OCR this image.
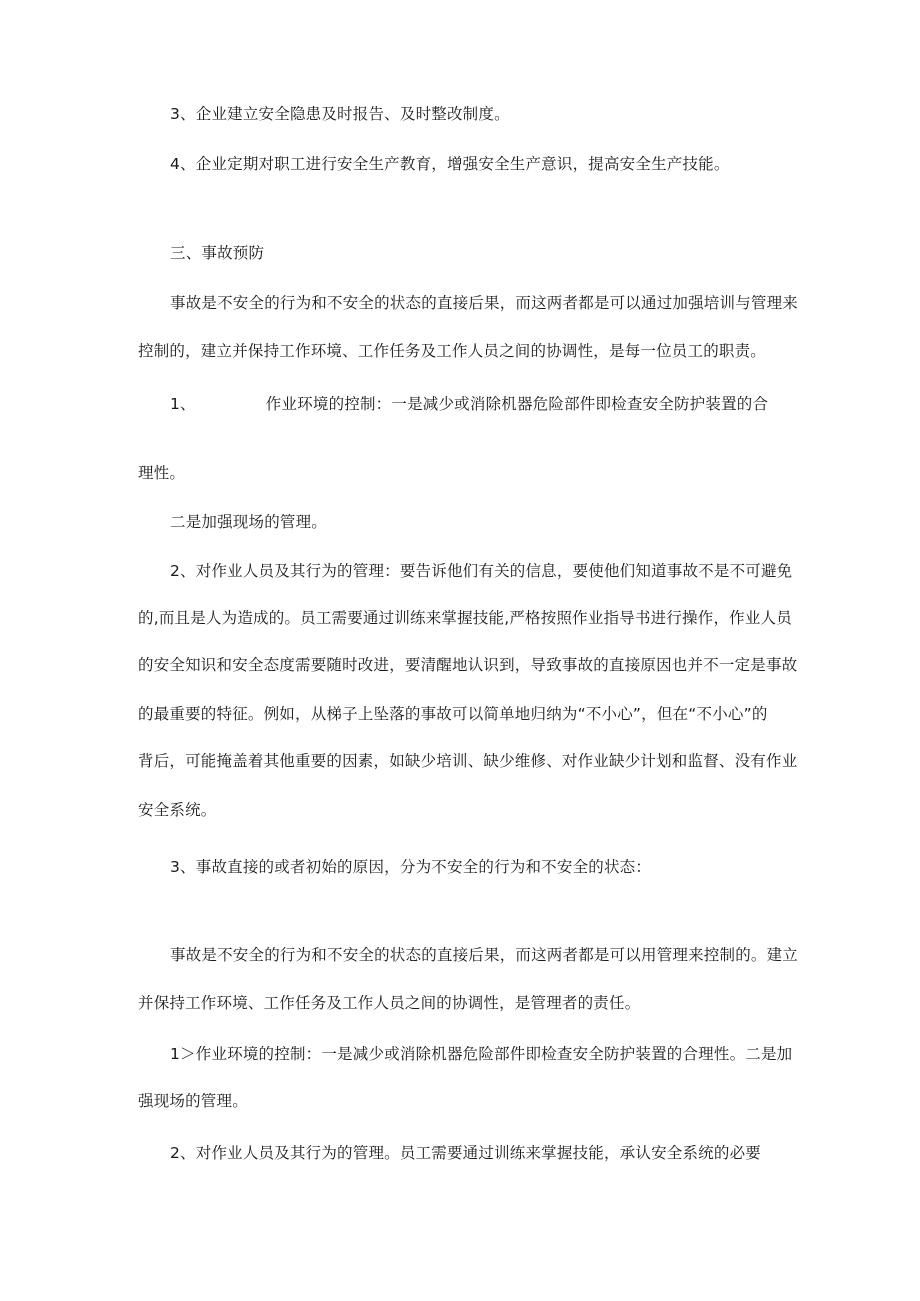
3、企业建立安全隐患及时报告、及时整改制度。
4、企业定期对职工进行安全生产教育，增强安全生产意识，提高安全生产技能。
三、事故预防
事故是不安全的行为和不安全的状态的直接后果，而这两者都是可以通过加强培训与管理来
控制的，建立并保持工作环境、工作任务及工作人员之间的协调性，是每一位员工的职责。
1、	作业环境的控制：一是减少或消除机器危险部件即检查安全防护装置的合
理性。
二是加强现场的管理。
2、对作业人员及其行为的管理：要告诉他们有关的信息，要使他们知道事故不是不可避免
的,而且是人为造成的。员工需要通过训练来掌握技能,严格按照作业指导书进行操作，作业人员
的安全知识和安全态度需要随时改进，要清醒地认识到，导致事故的直接原因也并不一定是事故
的最重要的特征。例如，从梯子上坠落的事故可以简单地归纳为“不小心”，但在“不小心”的
背后，可能掩盖着其他重要的因素，如缺少培训、缺少维修、对作业缺少计划和监督、没有作业
安全系统。
3、事故直接的或者初始的原因，分为不安全的行为和不安全的状态：
事故是不安全的行为和不安全的状态的直接后果，而这两者都是可以用管理来控制的。建立
并保持工作环境、工作任务及工作人员之间的协调性，是管理者的责任。
1＞作业环境的控制：一是减少或消除机器危险部件即检查安全防护装置的合理性。二是加
强现场的管理。
2、对作业人员及其行为的管理。员工需要通过训练来掌握技能，承认安全系统的必要
